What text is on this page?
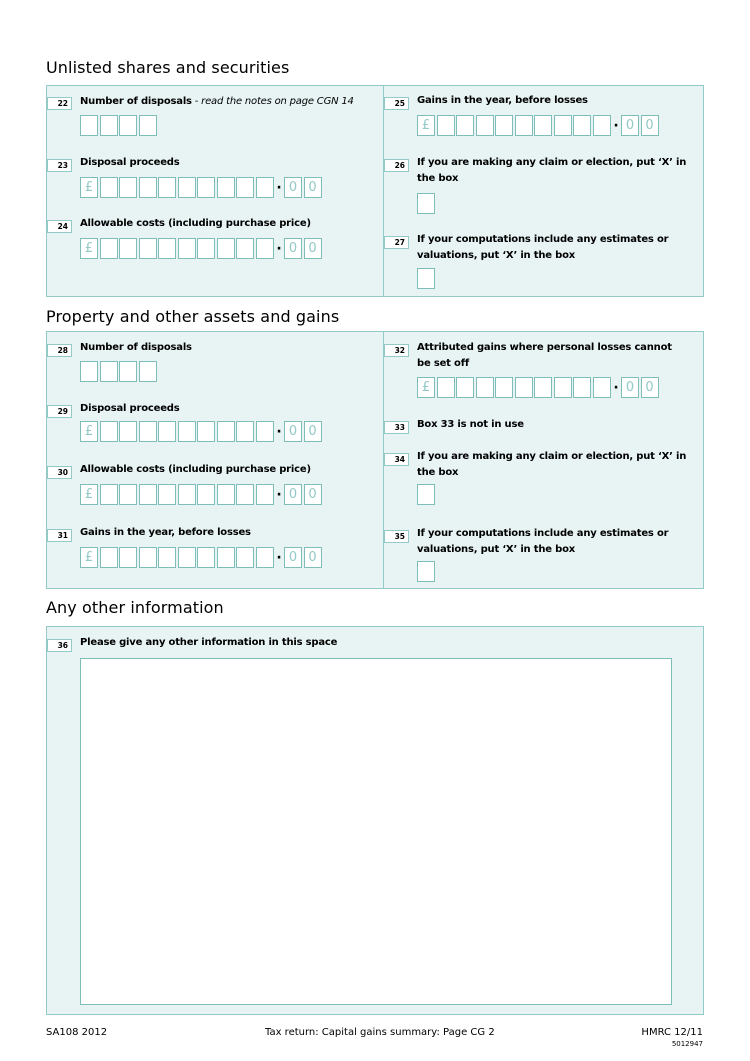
Unlisted shares and securities
22	Number of disposals - read the notes on page CGN 14
23	Disposal proceeds
£ ·	0 0
24	Allowable costs (including purchase price)
£ ·	0 0
25	Gains in the year, before losses
£ ·	0 0
26	If you are making any claim or election, put ‘X’ in the box
27	If your computations include any estimates or valuations, put ‘X’ in the box
Property and other assets and gains
28	Number of disposals
29	Disposal proceeds
£ ·	0 0
30	Allowable costs (including purchase price)
£ ·	0 0
31	Gains in the year, before losses
£ ·	0 0
32	Attributed gains where personal losses cannot be set off
£ ·	0 0
33	Box 33 is not in use
34	If you are making any claim or election, put ‘X’ in the box
35	If your computations include any estimates or valuations, put ‘X’ in the box
Any other information
36	Please give any other information in this space
SA108 2012	Tax return: Capital gains summary: Page CG 2	HMRC 12/11
5012947
